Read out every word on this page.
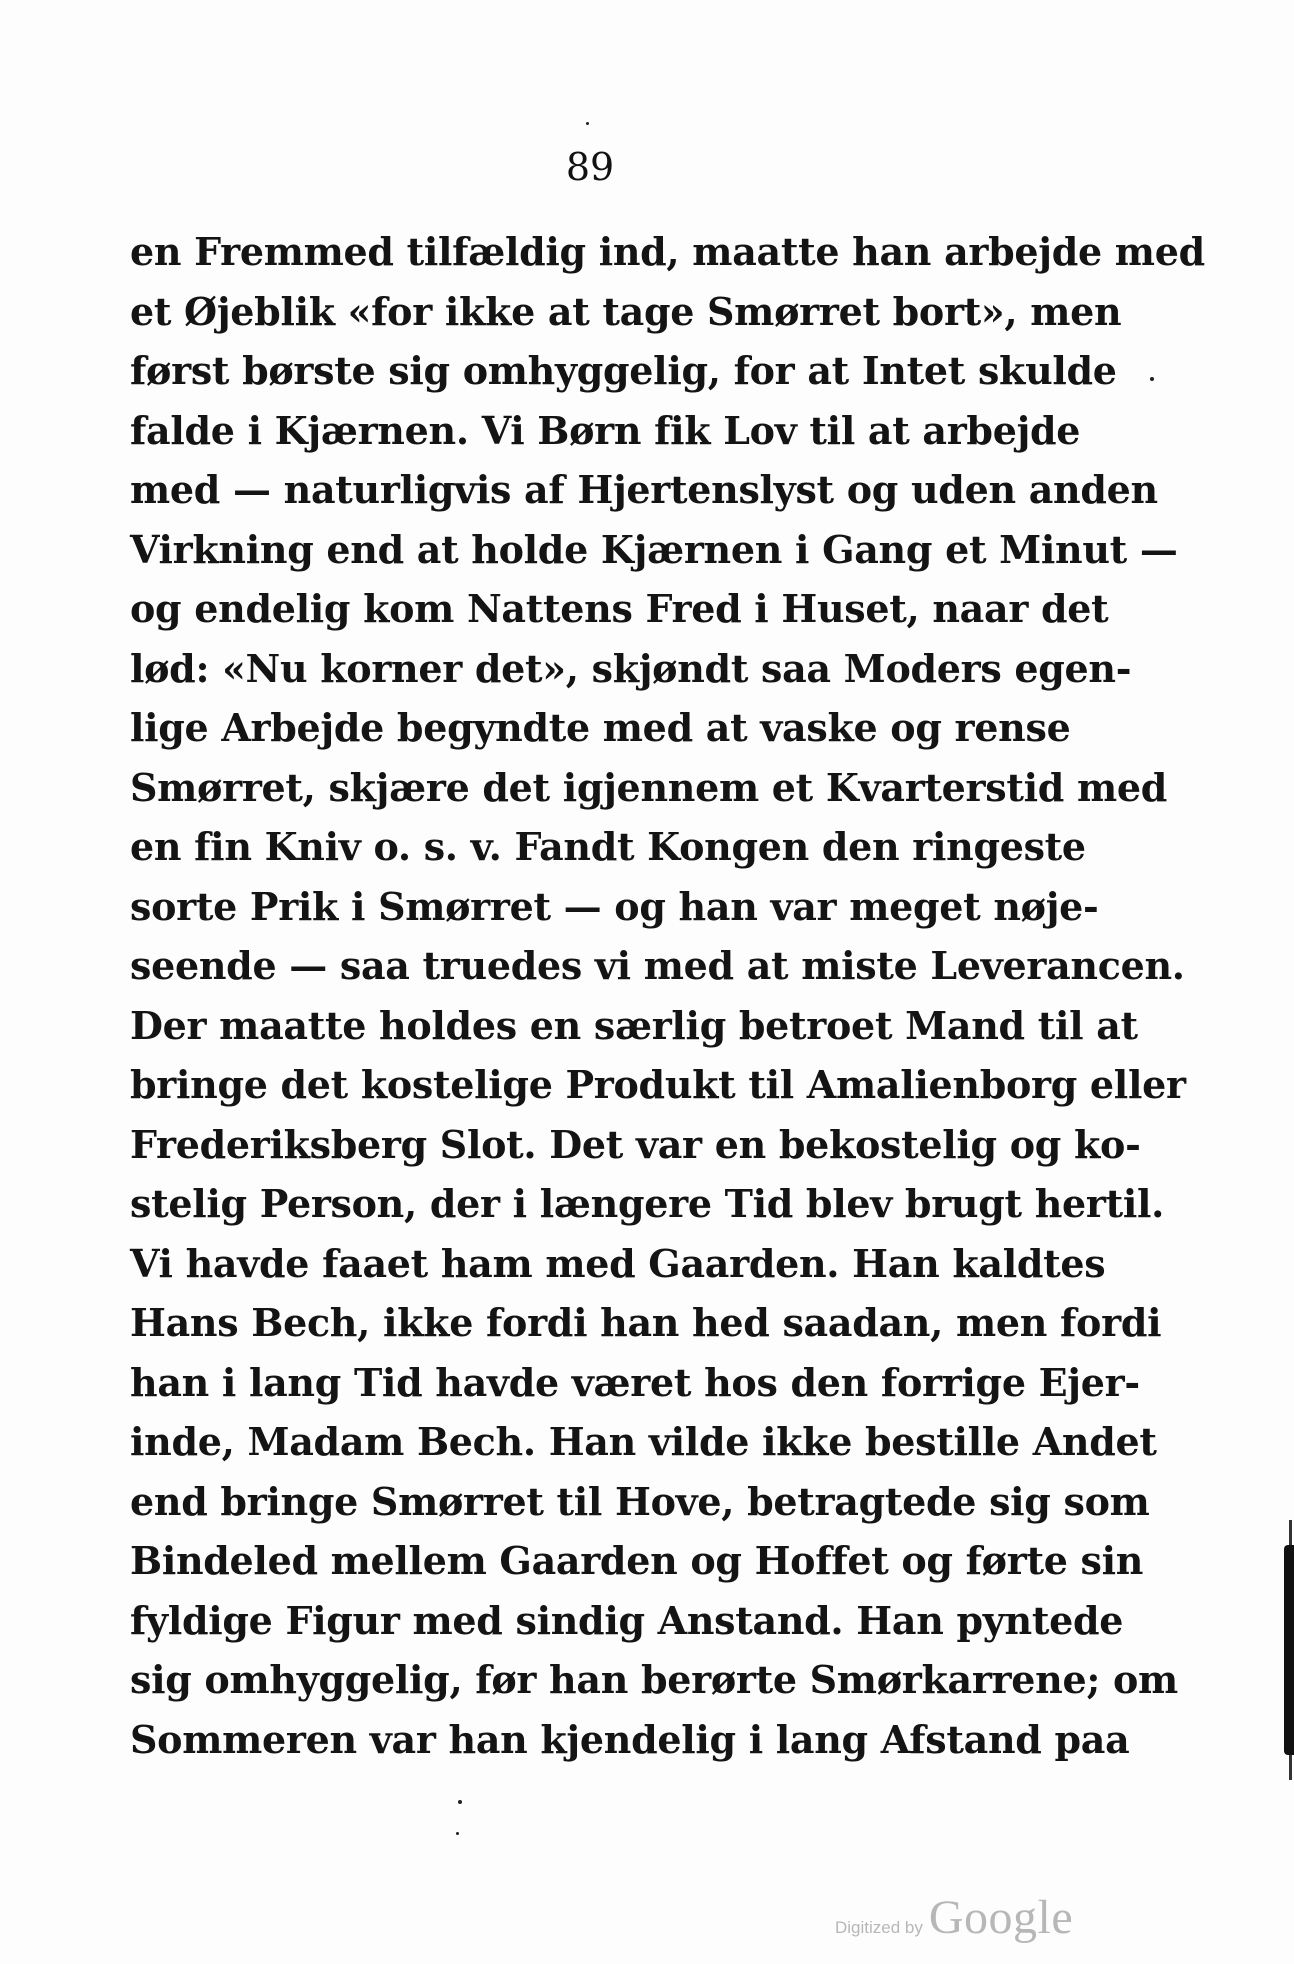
89
en Fremmed tilfældig ind, maatte han arbejde med
et Øjeblik «for ikke at tage Smørret bort», men
først børste sig omhyggelig, for at Intet skulde
falde i Kjærnen. Vi Børn fik Lov til at arbejde
med — naturligvis af Hjertenslyst og uden anden
Virkning end at holde Kjærnen i Gang et Minut —
og endelig kom Nattens Fred i Huset, naar det
lød: «Nu korner det», skjøndt saa Moders egen-
lige Arbejde begyndte med at vaske og rense
Smørret, skjære det igjennem et Kvarterstid med
en fin Kniv o. s. v. Fandt Kongen den ringeste
sorte Prik i Smørret — og han var meget nøje-
seende — saa truedes vi med at miste Leverancen.
Der maatte holdes en særlig betroet Mand til at
bringe det kostelige Produkt til Amalienborg eller
Frederiksberg Slot. Det var en bekostelig og ko-
stelig Person, der i længere Tid blev brugt hertil.
Vi havde faaet ham med Gaarden. Han kaldtes
Hans Bech, ikke fordi han hed saadan, men fordi
han i lang Tid havde været hos den forrige Ejer-
inde, Madam Bech. Han vilde ikke bestille Andet
end bringe Smørret til Hove, betragtede sig som
Bindeled mellem Gaarden og Hoffet og førte sin
fyldige Figur med sindig Anstand. Han pyntede
sig omhyggelig, før han berørte Smørkarrene; om
Sommeren var han kjendelig i lang Afstand paa
Digitized by Google
